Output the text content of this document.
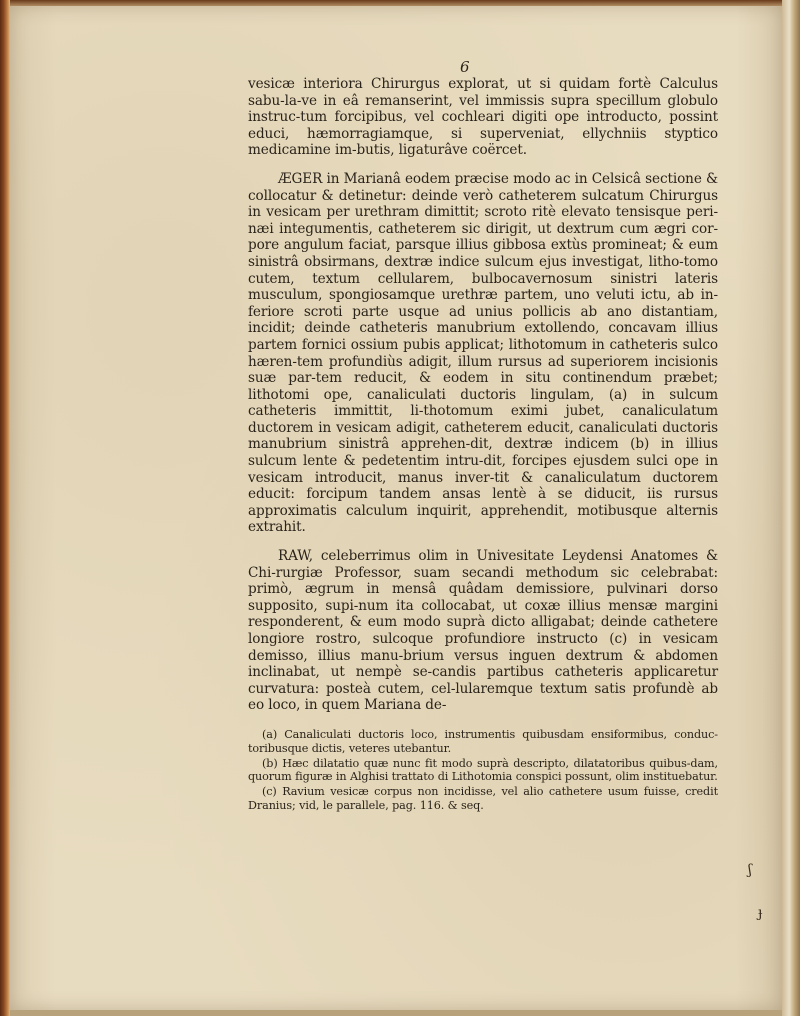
6

vesicæ interiora Chirurgus explorat, ut si quidam fortè Calculus sabu-la-ve in eâ remanserint, vel immissis supra specillum globulo instruc-tum forcipibus, vel cochleari digiti ope introducto, possint educi, hæmorragiamque, si superveniat, ellychniis styptico medicamine im-butis, ligaturâve coërcet.

ÆGER in Marianâ eodem præcise modo ac in Celsicâ sectione & collocatur & detinetur: deinde verò catheterem sulcatum Chirurgus in vesicam per urethram dimittit; scroto ritè elevato tensisque peri-næi integumentis, catheterem sic dirigit, ut dextrum cum ægri cor-pore angulum faciat, parsque illius gibbosa extùs promineat; & eum sinistrâ obsirmans, dextræ indice sulcum ejus investigat, litho-tomo cutem, textum cellularem, bulbocavernosum sinistri lateris musculum, spongiosamque urethræ partem, uno veluti ictu, ab in-feriore scroti parte usque ad unius pollicis ab ano distantiam, incidit; deinde catheteris manubrium extollendo, concavam illius partem fornici ossium pubis applicat; lithotomum in catheteris sulco hæren-tem profundiùs adigit, illum rursus ad superiorem incisionis suæ par-tem reducit, & eodem in situ continendum præbet; lithotomi ope, canaliculati ductoris lingulam, (a) in sulcum catheteris immittit, li-thotomum eximi jubet, canaliculatum ductorem in vesicam adigit, catheterem educit, canaliculati ductoris manubrium sinistrâ apprehen-dit, dextræ indicem (b) in illius sulcum lente & pedetentim intru-dit, forcipes ejusdem sulci ope in vesicam introducit, manus inver-tit & canaliculatum ductorem educit: forcipum tandem ansas lentè à se diducit, iis rursus approximatis calculum inquirit, apprehendit, motibusque alternis extrahit.

RAW, celeberrimus olim in Univesitate Leydensi Anatomes & Chi-rurgiæ Professor, suam secandi methodum sic celebrabat: primò, ægrum in mensâ quâdam demissiore, pulvinari dorso supposito, supi-num ita collocabat, ut coxæ illius mensæ margini responderent, & eum modo suprà dicto alligabat; deinde cathetere longiore rostro, sulcoque profundiore instructo (c) in vesicam demisso, illius manu-brium versus inguen dextrum & abdomen inclinabat, ut nempè se-candis partibus catheteris applicaretur curvatura: posteà cutem, cel-lularemque textum satis profundè ab eo loco, in quem Mariana de-

(a) Canaliculati ductoris loco, instrumentis quibusdam ensiformibus, conduc-toribusque dictis, veteres utebantur.

(b) Hæc dilatatio quæ nunc fit modo suprà descripto, dilatatoribus quibus-dam, quorum figuræ in Alghisi trattato di Lithotomia conspici possunt, olim instituebatur.

(c) Ravium vesicæ corpus non incidisse, vel alio cathetere usum fuisse, credit Dranius; vid, le parallele, pag. 116. & seq.

ʃ
ɟ
